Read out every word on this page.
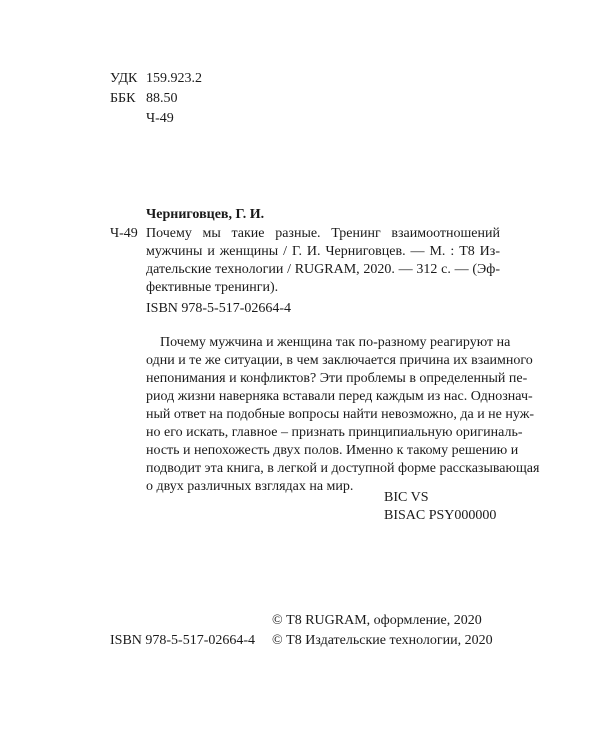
УДК 159.923.2
ББК 88.50
Ч-49
Черниговцев, Г. И.
Ч-49 Почему мы такие разные. Тренинг взаимоотношений
мужчины и женщины / Г. И. Черниговцев. — М. : Т8 Из-
дательские технологии / RUGRAM, 2020. — 312 с. — (Эф-
фективные тренинги).
ISBN 978-5-517-02664-4
Почему мужчина и женщина так по-разному реагируют на
одни и те же ситуации, в чем заключается причина их взаимного
непонимания и конфликтов? Эти проблемы в определенный пе-
риод жизни наверняка вставали перед каждым из нас. Однознач-
ный ответ на подобные вопросы найти невозможно, да и не нуж-
но его искать, главное – признать принципиальную оригиналь-
ность и непохожесть двух полов. Именно к такому решению и
подводит эта книга, в легкой и доступной форме рассказывающая
о двух различных взглядах на мир.
BIC VS
BISAC PSY000000
© Т8 RUGRAM, оформление, 2020
© Т8 Издательские технологии, 2020
ISBN 978-5-517-02664-4
